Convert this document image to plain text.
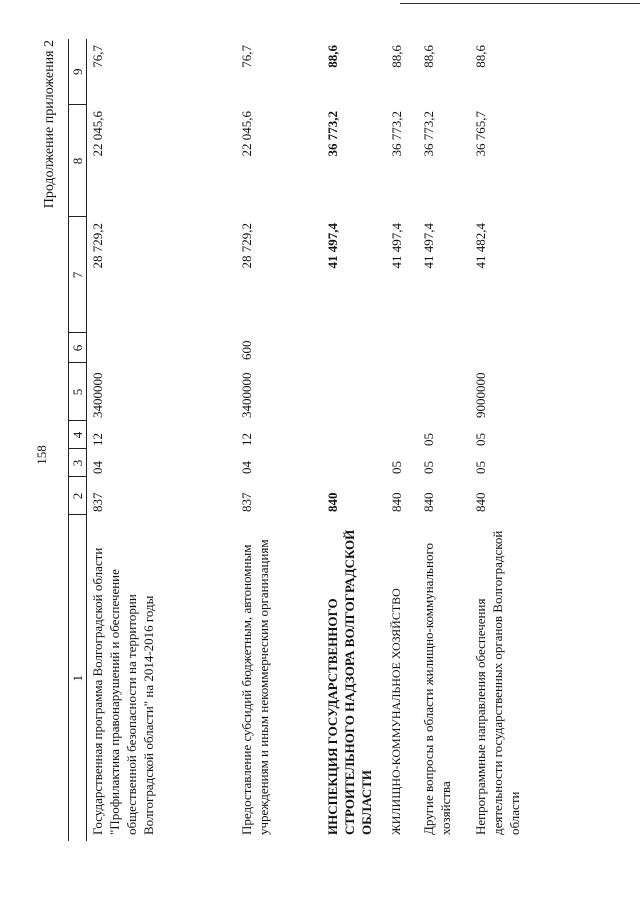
158
Продолжение приложения 2
1	2	3	4	5	6	7	8	9
Государственная программа Волгоградской области "Профилактика правонарушений и обеспечение общественной безопасности на территории Волгоградской области" на 2014-2016 годы	837	04	12	3400000		28 729,2	22 045,6	76,7
Предоставление субсидий бюджетным, автономным учреждениям и иным некоммерческим организациям	837	04	12	3400000	600	28 729,2	22 045,6	76,7
ИНСПЕКЦИЯ ГОСУДАРСТВЕННОГО СТРОИТЕЛЬНОГО НАДЗОРА ВОЛГОГРАДСКОЙ ОБЛАСТИ	840					41 497,4	36 773,2	88,6
ЖИЛИЩНО-КОММУНАЛЬНОЕ ХОЗЯЙСТВО	840	05				41 497,4	36 773,2	88,6
Другие вопросы в области жилищно-коммунального хозяйства	840	05	05			41 497,4	36 773,2	88,6
Непрограммные направления обеспечения деятельности государственных органов Волгоградской области	840	05	05	9000000		41 482,4	36 765,7	88,6
